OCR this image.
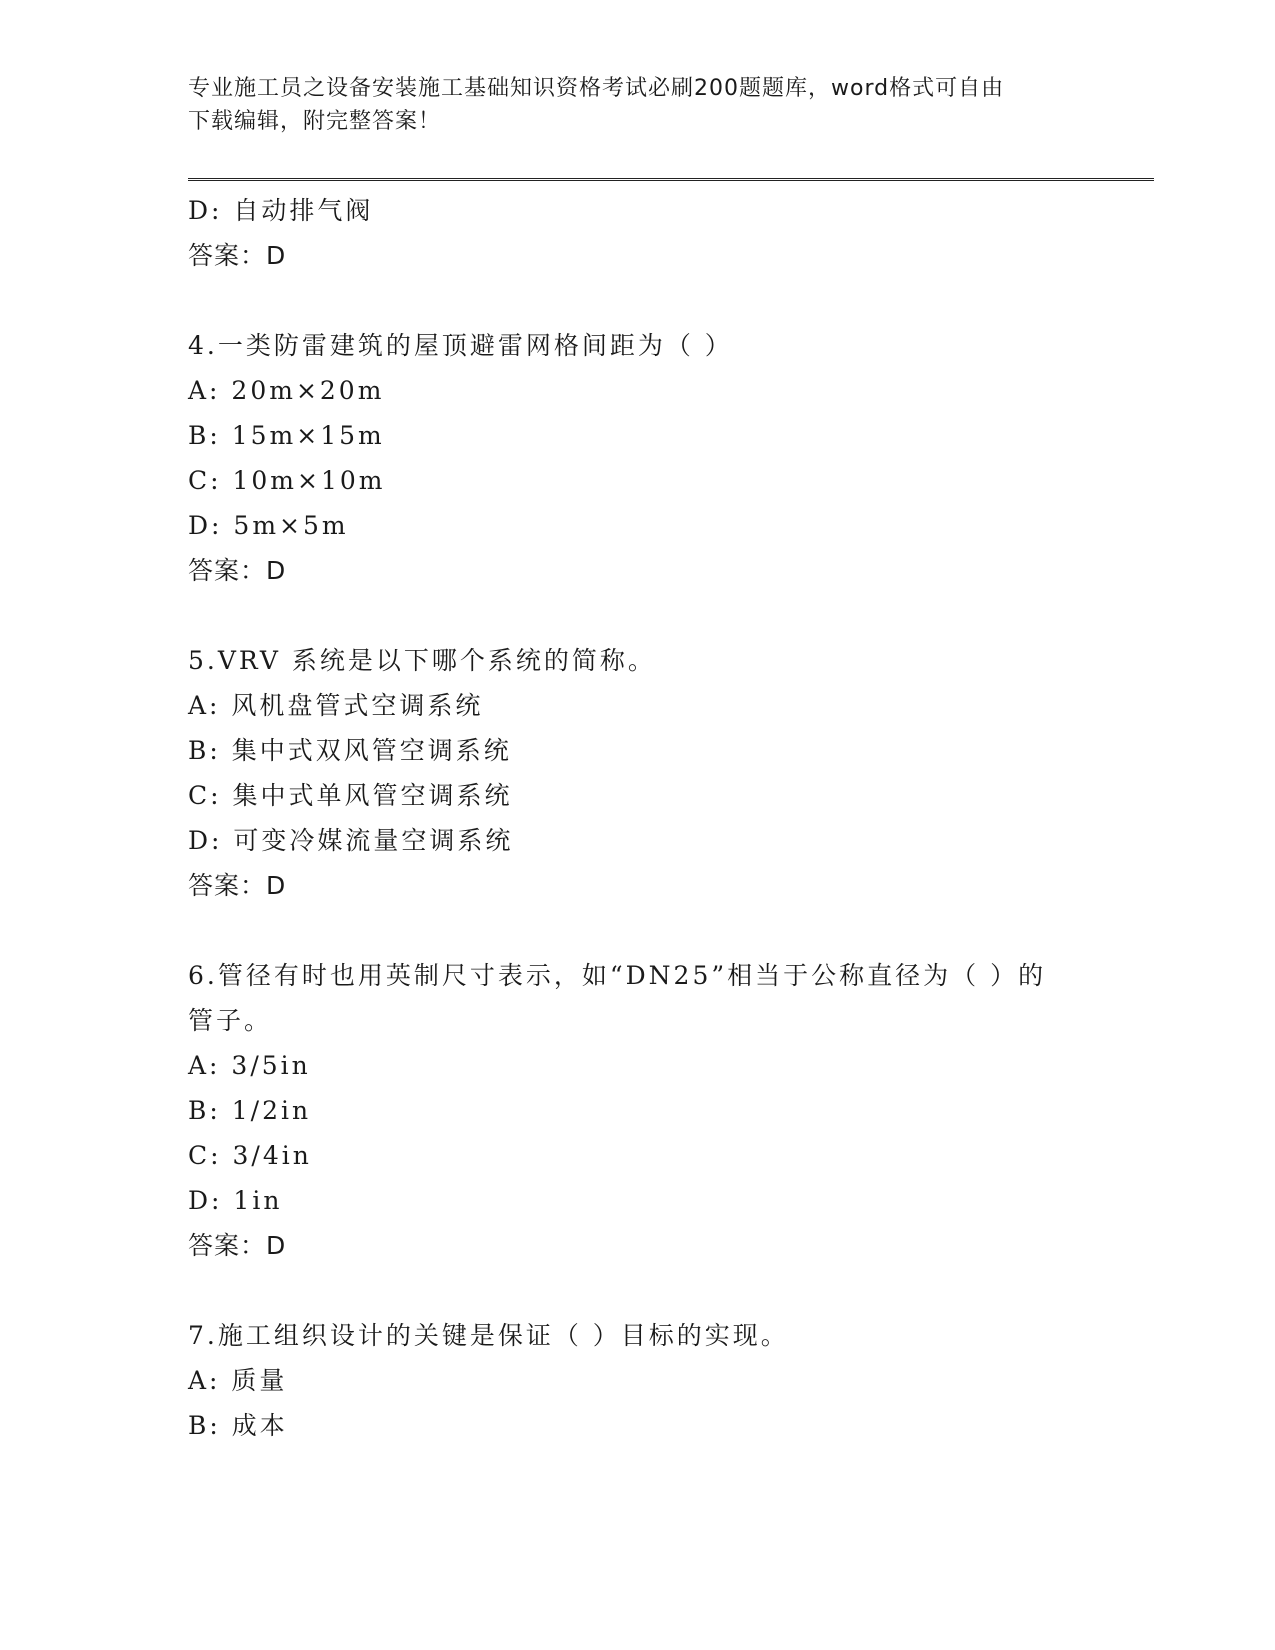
专业施工员之设备安装施工基础知识资格考试必刷200题题库，word格式可自由
下载编辑，附完整答案！
D: 自动排气阀
答案：D
4.一类防雷建筑的屋顶避雷网格间距为（ ）
A: 20m×20m
B: 15m×15m
C: 10m×10m
D: 5m×5m
答案：D
5.VRV 系统是以下哪个系统的简称。
A: 风机盘管式空调系统
B: 集中式双风管空调系统
C: 集中式单风管空调系统
D: 可变冷媒流量空调系统
答案：D
6.管径有时也用英制尺寸表示，如“DN25”相当于公称直径为（ ）的
管子。
A: 3/5in
B: 1/2in
C: 3/4in
D: 1in
答案：D
7.施工组织设计的关键是保证（ ）目标的实现。
A: 质量
B: 成本
